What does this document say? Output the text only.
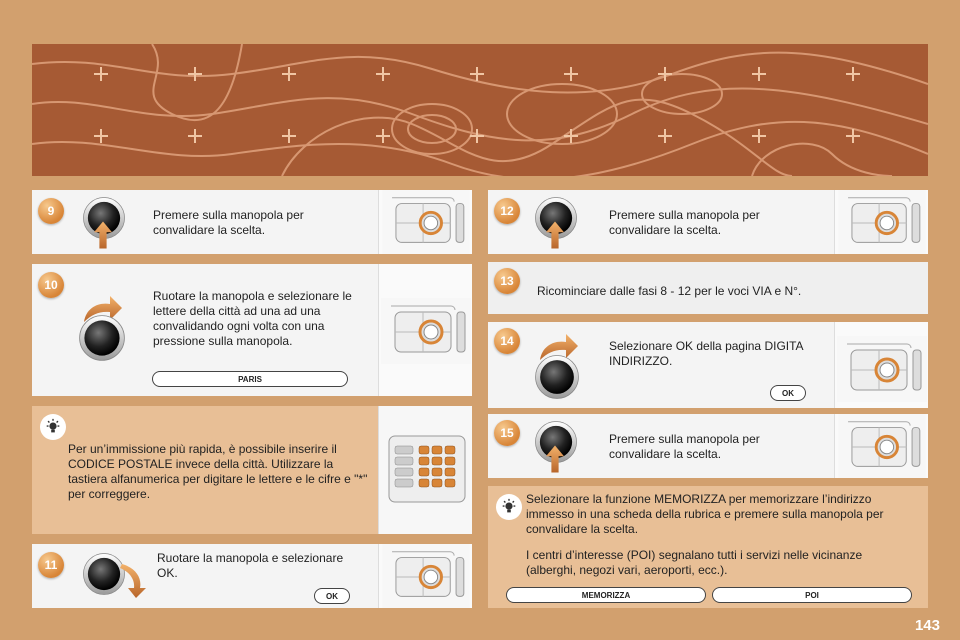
9	Premere sulla manopola per convalidare la scelta.
10
Ruotare la manopola e selezionare le lettere della città ad una ad una convalidando ogni volta con una pressione sulla manopola.
PARIS
Per un’immissione più rapida, è possibile inserire il CODICE POSTALE invece della città. Utilizzare la tastiera alfanumerica per digitare le lettere e le cifre e "*" per correggere.
11	Ruotare la manopola e selezionare OK.
OK
12	Premere sulla manopola per convalidare la scelta.
13
Ricominciare dalle fasi 8 - 12 per le voci VIA e N°.
14	Selezionare OK della pagina DIGITA INDIRIZZO.
OK
15	Premere sulla manopola per convalidare la scelta.
Selezionare la funzione MEMORIZZA per memorizzare l’indirizzo immesso in una scheda della rubrica e premere sulla manopola per convalidare la scelta.
I centri d’interesse (POI) segnalano tutti i servizi nelle vicinanze (alberghi, negozi vari, aeroporti, ecc.).
MEMORIZZA	POI
143
